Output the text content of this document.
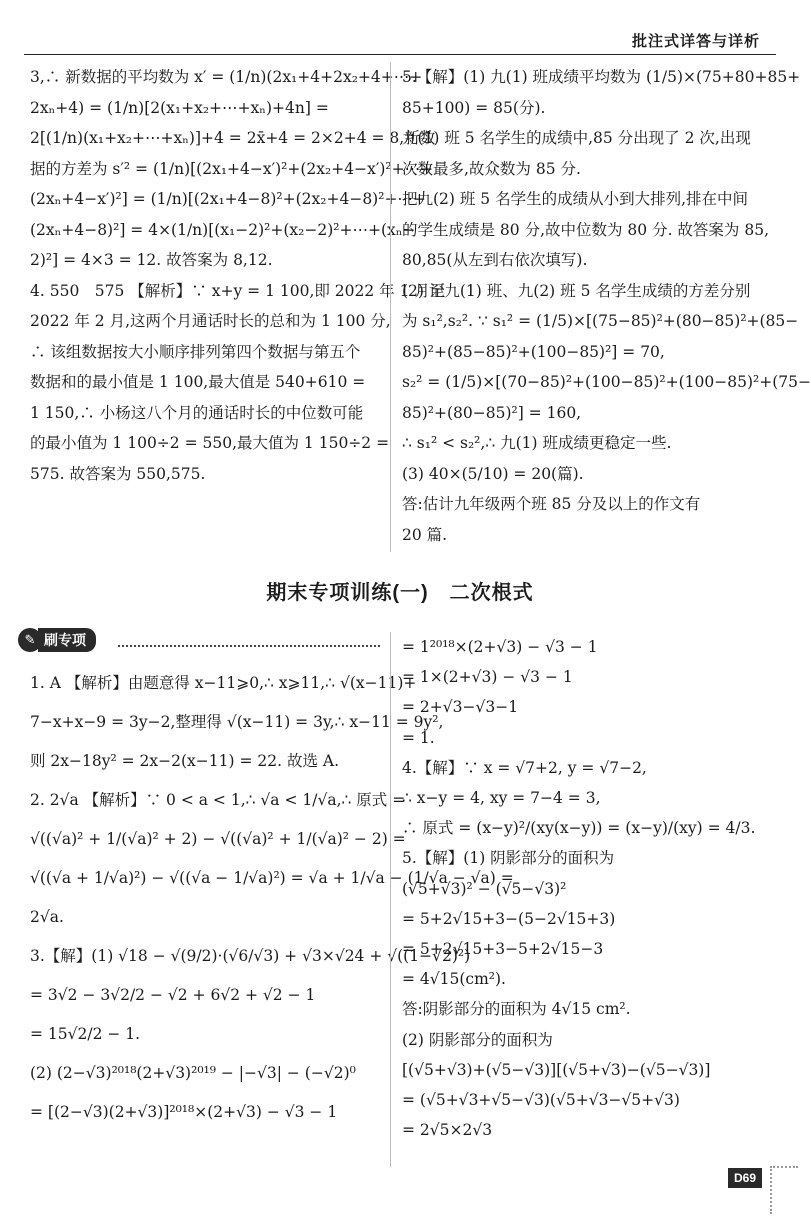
批注式详答与详析
3,∴ 新数据的平均数为 x′ = (1/n)(2x₁+4+2x₂+4+⋯+
2xₙ+4) = (1/n)[2(x₁+x₂+⋯+xₙ)+4n] =
2[(1/n)(x₁+x₂+⋯+xₙ)]+4 = 2x̄+4 = 2×2+4 = 8,新数
据的方差为 s′² = (1/n)[(2x₁+4−x′)²+(2x₂+4−x′)²+⋯+
(2xₙ+4−x′)²] = (1/n)[(2x₁+4−8)²+(2x₂+4−8)²+⋯+
(2xₙ+4−8)²] = 4×(1/n)[(x₁−2)²+(x₂−2)²+⋯+(xₙ−
2)²] = 4×3 = 12. 故答案为 8,12.
4. 550　575 【解析】∵ x+y = 1 100,即 2022 年 1 月至
2022 年 2 月,这两个月通话时长的总和为 1 100 分,
∴ 该组数据按大小顺序排列第四个数据与第五个
数据和的最小值是 1 100,最大值是 540+610 =
1 150,∴ 小杨这八个月的通话时长的中位数可能
的最小值为 1 100÷2 = 550,最大值为 1 150÷2 =
575. 故答案为 550,575.
5.【解】(1) 九(1) 班成绩平均数为 (1/5)×(75+80+85+
85+100) = 85(分).
九(1) 班 5 名学生的成绩中,85 分出现了 2 次,出现
次数最多,故众数为 85 分.
把九(2) 班 5 名学生的成绩从小到大排列,排在中间
的学生成绩是 80 分,故中位数为 80 分. 故答案为 85,
80,85(从左到右依次填写).
(2) 记九(1) 班、九(2) 班 5 名学生成绩的方差分别
为 s₁²,s₂². ∵ s₁² = (1/5)×[(75−85)²+(80−85)²+(85−
85)²+(85−85)²+(100−85)²] = 70,
s₂² = (1/5)×[(70−85)²+(100−85)²+(100−85)²+(75−
85)²+(80−85)²] = 160,
∴ s₁² < s₂²,∴ 九(1) 班成绩更稳定一些.
(3) 40×(5/10) = 20(篇).
答:估计九年级两个班 85 分及以上的作文有
20 篇.
期末专项训练(一)　二次根式
✎ 刷专项
1. A 【解析】由题意得 x−11⩾0,∴ x⩾11,∴ √(x−11)+
7−x+x−9 = 3y−2,整理得 √(x−11) = 3y,∴ x−11 = 9y²,
则 2x−18y² = 2x−2(x−11) = 22. 故选 A.
2. 2√a 【解析】∵ 0 < a < 1,∴ √a < 1/√a,∴ 原式 =
√((√a)² + 1/(√a)² + 2) − √((√a)² + 1/(√a)² − 2) =
√((√a + 1/√a)²) − √((√a − 1/√a)²) = √a + 1/√a − (1/√a − √a) =
2√a.
3.【解】(1) √18 − √(9/2)·(√6/√3) + √3×√24 + √((1−√2)²)
= 3√2 − 3√2/2 − √2 + 6√2 + √2 − 1
= 15√2/2 − 1.
(2) (2−√3)²⁰¹⁸(2+√3)²⁰¹⁹ − |−√3| − (−√2)⁰
= [(2−√3)(2+√3)]²⁰¹⁸×(2+√3) − √3 − 1
= 1²⁰¹⁸×(2+√3) − √3 − 1
= 1×(2+√3) − √3 − 1
= 2+√3−√3−1
= 1.
4.【解】∵ x = √7+2, y = √7−2,
∴ x−y = 4, xy = 7−4 = 3,
∴ 原式 = (x−y)²/(xy(x−y)) = (x−y)/(xy) = 4/3.
5.【解】(1) 阴影部分的面积为
(√5+√3)² − (√5−√3)²
= 5+2√15+3−(5−2√15+3)
= 5+2√15+3−5+2√15−3
= 4√15(cm²).
答:阴影部分的面积为 4√15 cm².
(2) 阴影部分的面积为
[(√5+√3)+(√5−√3)][(√5+√3)−(√5−√3)]
= (√5+√3+√5−√3)(√5+√3−√5+√3)
= 2√5×2√3
D69
